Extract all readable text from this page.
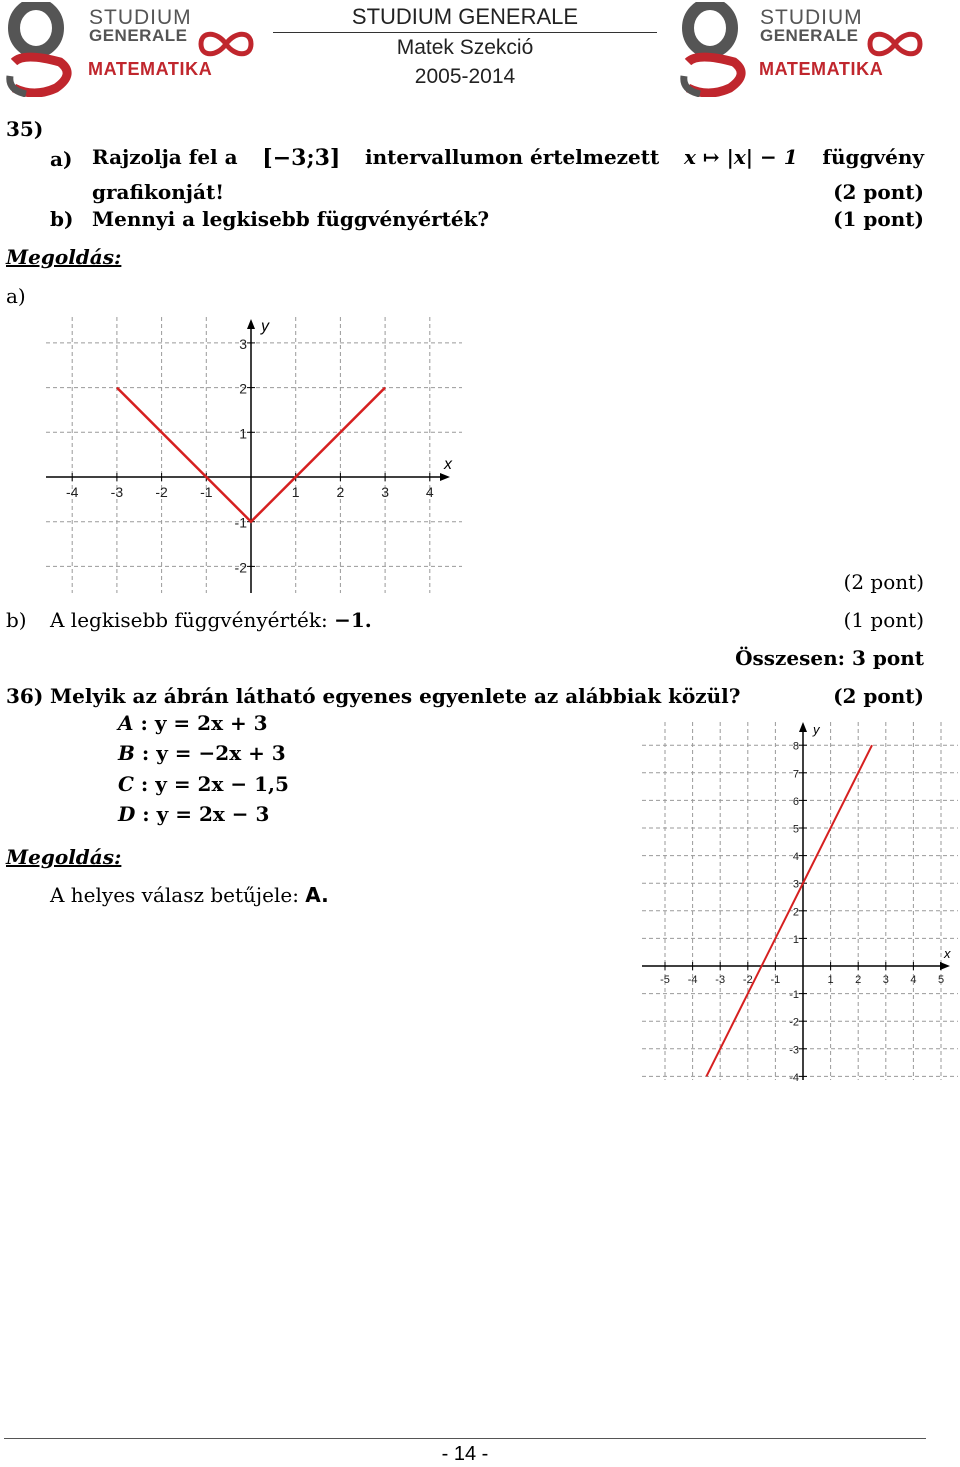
STUDIUM
GENERALE
MATEMATIKA
STUDIUM GENERALE
Matek Szekció
2005-2014
STUDIUM
GENERALE
MATEMATIKA
35)
a) Rajzolja fel a [−3;3] intervallumon értelmezett x ↦ |x| − 1 függvény
grafikonját!	(2 pont)
b) Mennyi a legkisebb függvényérték?	(1 pont)
Megoldás:
a)
x
y
-4 -3 -2 -1	1	2	3	4
-2
-1
1
2
3
(2 pont)
b) A legkisebb függvényérték: −1.	(1 pont)
Összesen: 3 pont
36) Melyik az ábrán látható egyenes egyenlete az alábbiak közül?	(2 pont)
A : y = 2x + 3
B : y = −2x + 3
C : y = 2x − 1,5
D : y = 2x − 3
Megoldás:
A helyes válasz betűjele: A.
x
y
-5 -4 -3 -2 -1	1 2 3 4 5
-4
-3
-2
-1
1
2
3
4
5
6
7
8
- 14 -
